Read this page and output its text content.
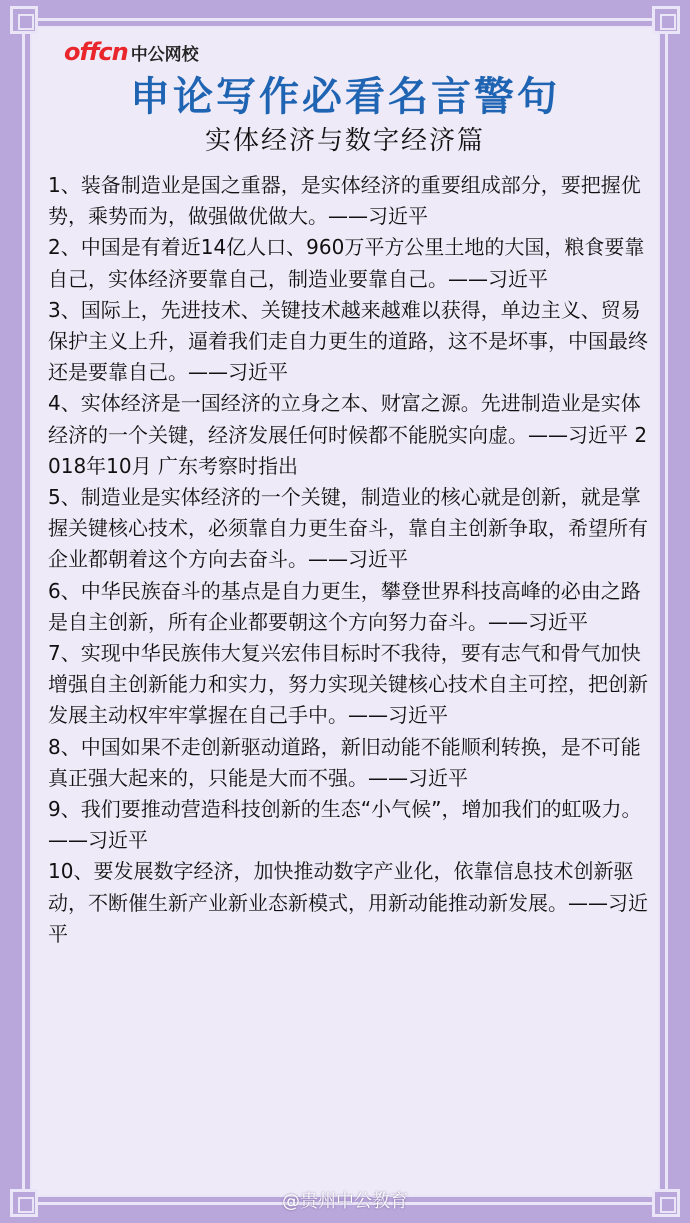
offcn 中公网校
申论写作必看名言警句
实体经济与数字经济篇

1、装备制造业是国之重器，是实体经济的重要组成部分，要把握优势，乘势而为，做强做优做大。——习近平

2、中国是有着近14亿人口、960万平方公里土地的大国，粮食要靠自己，实体经济要靠自己，制造业要靠自己。——习近平

3、国际上，先进技术、关键技术越来越难以获得，单边主义、贸易保护主义上升，逼着我们走自力更生的道路，这不是坏事，中国最终还是要靠自己。——习近平

4、实体经济是一国经济的立身之本、财富之源。先进制造业是实体经济的一个关键，经济发展任何时候都不能脱实向虚。——习近平 2018年10月 广东考察时指出

5、制造业是实体经济的一个关键，制造业的核心就是创新，就是掌握关键核心技术，必须靠自力更生奋斗，靠自主创新争取，希望所有企业都朝着这个方向去奋斗。——习近平

6、中华民族奋斗的基点是自力更生，攀登世界科技高峰的必由之路是自主创新，所有企业都要朝这个方向努力奋斗。——习近平

7、实现中华民族伟大复兴宏伟目标时不我待，要有志气和骨气加快增强自主创新能力和实力，努力实现关键核心技术自主可控，把创新发展主动权牢牢掌握在自己手中。——习近平

8、中国如果不走创新驱动道路，新旧动能不能顺利转换，是不可能真正强大起来的，只能是大而不强。——习近平

9、我们要推动营造科技创新的生态“小气候”，增加我们的虹吸力。——习近平

10、要发展数字经济，加快推动数字产业化，依靠信息技术创新驱动，不断催生新产业新业态新模式，用新动能推动新发展。——习近平

@贵州中公教育
